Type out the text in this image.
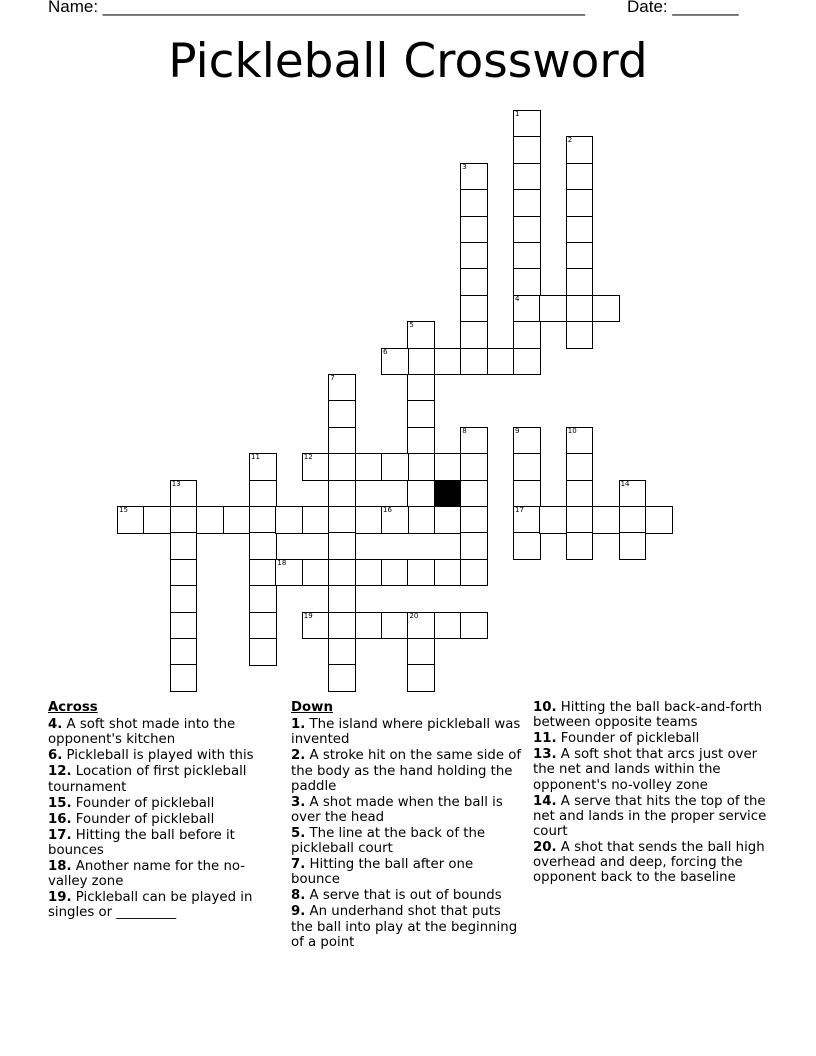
Name: ___________________________________________________ Date: _______
Pickleball Crossword
1
4
2
3
5
6
7
8	9
17
10
11	12
13	14
15	16
18
19	20
Across
4. A soft shot made into the opponent's kitchen
6. Pickleball is played with this
12. Location of first pickleball tournament
15. Founder of pickleball
16. Founder of pickleball
17. Hitting the ball before it bounces
18. Another name for the no-valley zone
19. Pickleball can be played in singles or _________
Down
1. The island where pickleball was invented
2. A stroke hit on the same side of the body as the hand holding the paddle
3. A shot made when the ball is over the head
5. The line at the back of the pickleball court
7. Hitting the ball after one bounce
8. A serve that is out of bounds
9. An underhand shot that puts the ball into play at the beginning of a point
10. Hitting the ball back-and-forth between opposite teams
11. Founder of pickleball
13. A soft shot that arcs just over the net and lands within the opponent's no-volley zone
14. A serve that hits the top of the net and lands in the proper service court
20. A shot that sends the ball high overhead and deep, forcing the opponent back to the baseline
